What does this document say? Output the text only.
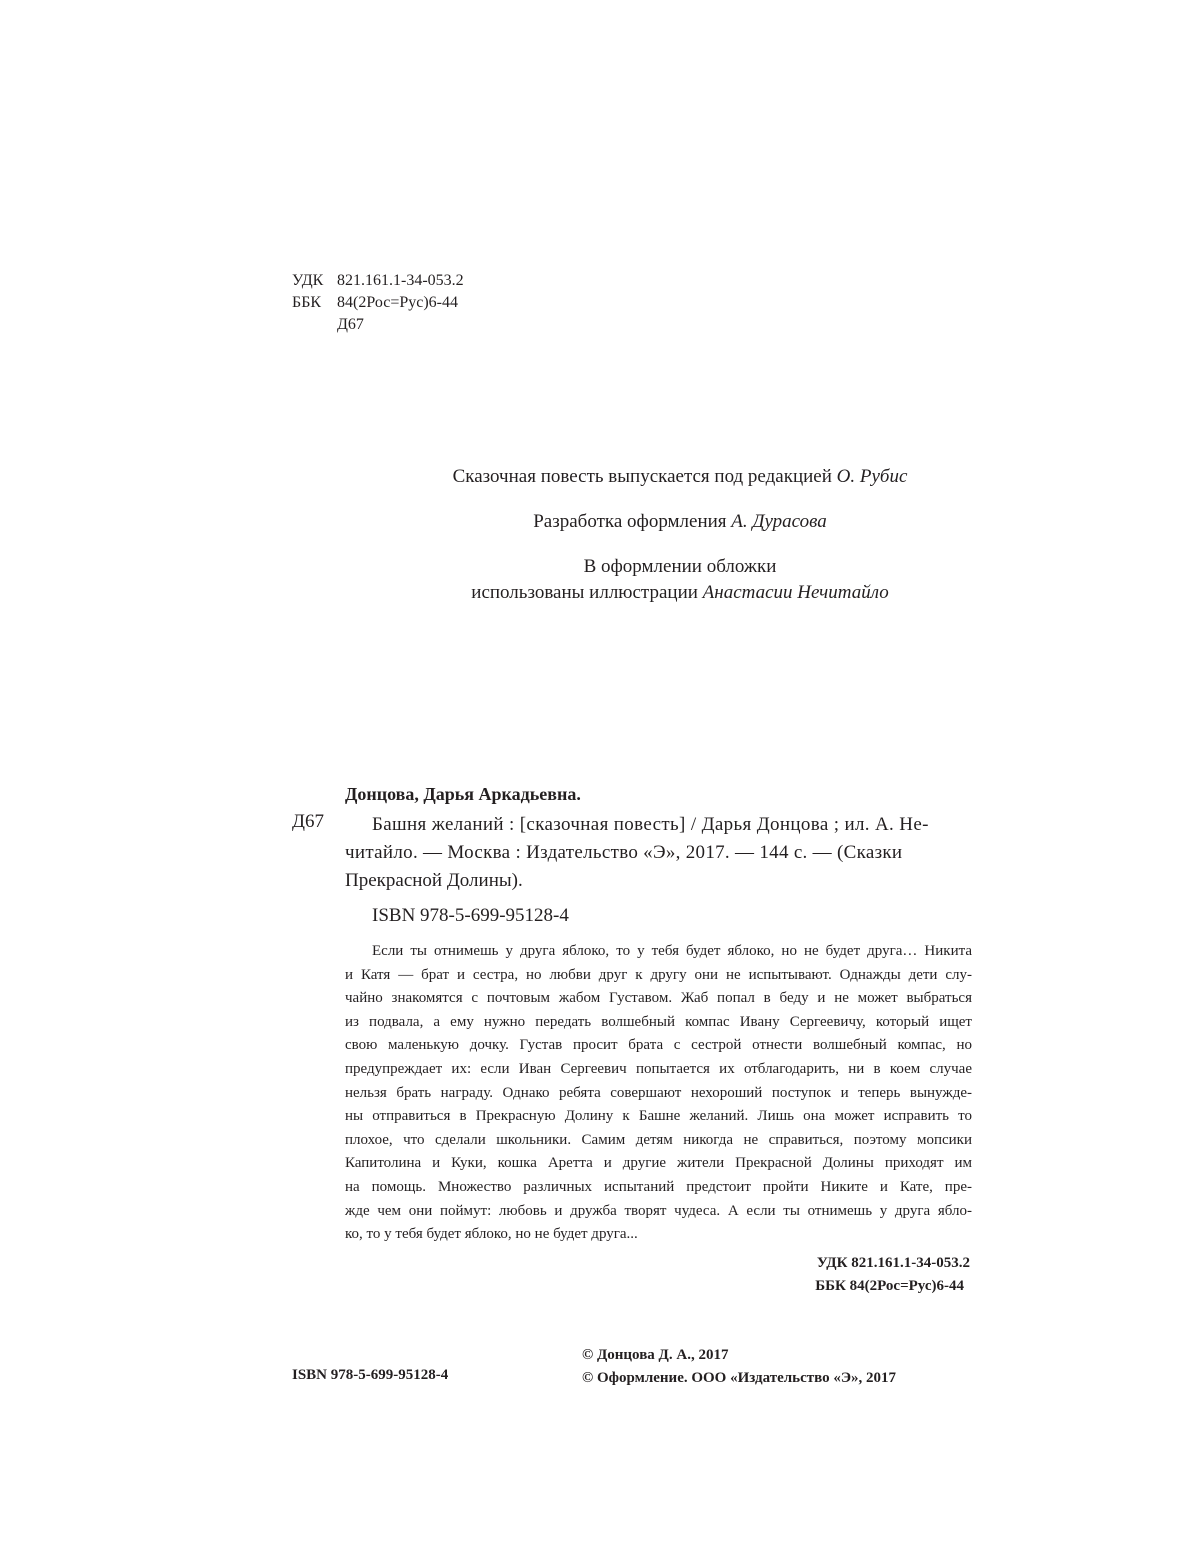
УДК 821.161.1-34-053.2
ББК 84(2Рос=Рус)6-44
Д67
Сказочная повесть выпускается под редакцией О. Рубис
Разработка оформления А. Дурасова
В оформлении обложки
использованы иллюстрации Анастасии Нечитайло
Донцова, Дарья Аркадьевна.
Д67	Башня желаний : [сказочная повесть] / Дарья Донцова ; ил. А. Не-
читайло. — Москва : Издательство «Э», 2017. — 144 с. — (Сказки
Прекрасной Долины).
ISBN 978-5-699-95128-4
Если ты отнимешь у друга яблоко, то у тебя будет яблоко, но не будет друга… Никита
и Катя — брат и сестра, но любви друг к другу они не испытывают. Однажды дети слу-
чайно знакомятся с почтовым жабом Густавом. Жаб попал в беду и не может выбраться
из подвала, а ему нужно передать волшебный компас Ивану Сергеевичу, который ищет
свою маленькую дочку. Густав просит брата с сестрой отнести волшебный компас, но
предупреждает их: если Иван Сергеевич попытается их отблагодарить, ни в коем случае
нельзя брать награду. Однако ребята совершают нехороший поступок и теперь вынужде-
ны отправиться в Прекрасную Долину к Башне желаний. Лишь она может исправить то
плохое, что сделали школьники. Самим детям никогда не справиться, поэтому мопсики
Капитолина и Куки, кошка Аретта и другие жители Прекрасной Долины приходят им
на помощь. Множество различных испытаний предстоит пройти Никите и Кате, пре-
жде чем они поймут: любовь и дружба творят чудеса. А если ты отнимешь у друга ябло-
ко, то у тебя будет яблоко, но не будет друга...
УДК 821.161.1-34-053.2
ББК 84(2Рос=Рус)6-44
© Донцова Д. А., 2017
© Оформление. ООО «Издательство «Э», 2017
ISBN 978-5-699-95128-4
